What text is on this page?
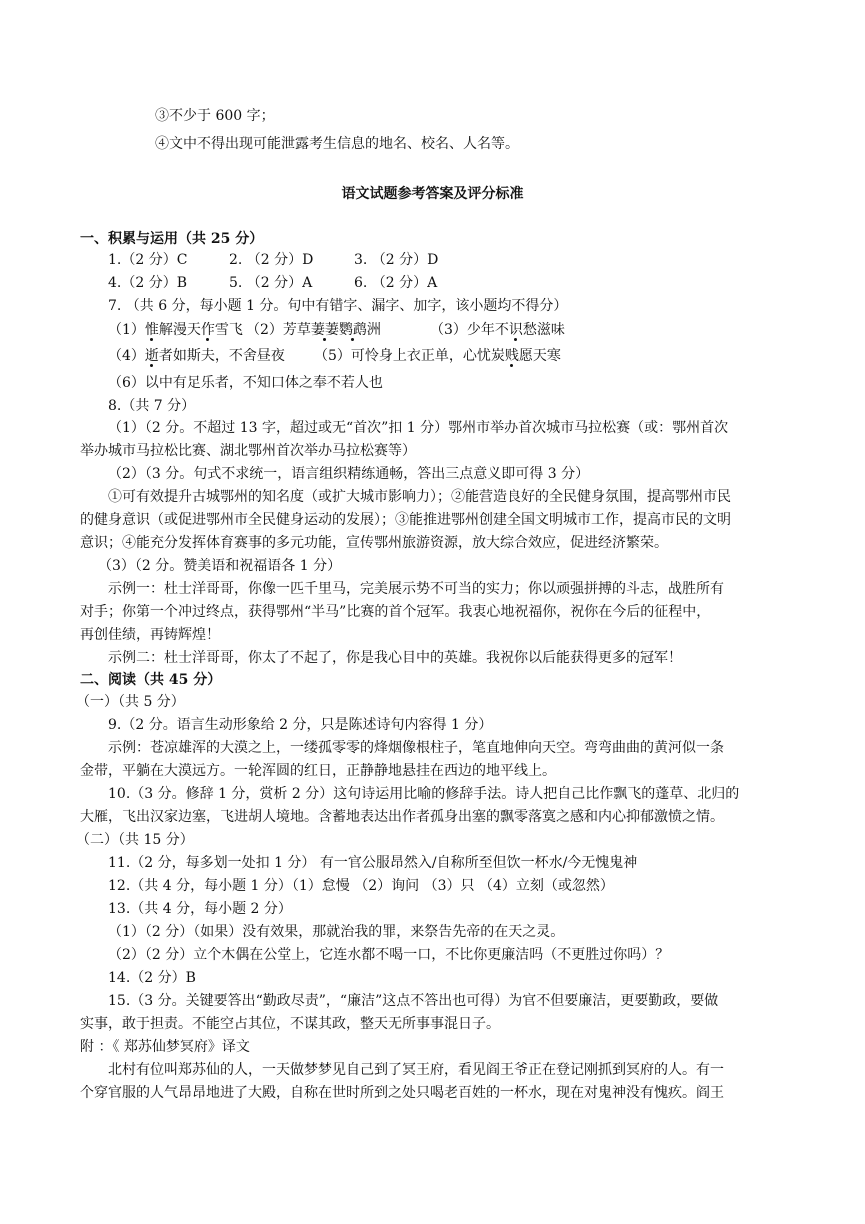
③不少于 600 字；
④文中不得出现可能泄露考生信息的地名、校名、人名等。
语文试题参考答案及评分标准
一、积累与运用（共 25 分）
1.（2 分）C	2. （2 分）D	3. （2 分）D
4.（2 分）B	5. （2 分）A	6. （2 分）A
7. （共 6 分，每小题 1 分。句中有错字、漏字、加字，该小题均不得分）
（1）惟解漫天作雪飞 （2）芳草萋萋鹦鹉洲	（3）少年不识愁滋味
（4）逝者如斯夫，不舍昼夜 （5）可怜身上衣正单，心忧炭贱愿天寒
（6）以中有足乐者，不知口体之奉不若人也
8.（共 7 分）
（1）（2 分。不超过 13 字，超过或无“首次”扣 1 分）鄂州市举办首次城市马拉松赛（或：鄂州首次
举办城市马拉松比赛、湖北鄂州首次举办马拉松赛等）
（2）（3 分。句式不求统一，语言组织精练通畅，答出三点意义即可得 3 分）
①可有效提升古城鄂州的知名度（或扩大城市影响力）；②能营造良好的全民健身氛围，提高鄂州市民
的健身意识（或促进鄂州市全民健身运动的发展）；③能推进鄂州创建全国文明城市工作，提高市民的文明
意识；④能充分发挥体育赛事的多元功能，宣传鄂州旅游资源，放大综合效应，促进经济繁荣。
（3）（2 分。赞美语和祝福语各 1 分）
示例一：杜士洋哥哥，你像一匹千里马，完美展示势不可当的实力；你以顽强拼搏的斗志，战胜所有
对手；你第一个冲过终点，获得鄂州“半马”比赛的首个冠军。我衷心地祝福你，祝你在今后的征程中，
再创佳绩，再铸辉煌！
示例二：杜士洋哥哥，你太了不起了，你是我心目中的英雄。我祝你以后能获得更多的冠军！
二、阅读（共 45 分）
（一）（共 5 分）
9.（2 分。语言生动形象给 2 分，只是陈述诗句内容得 1 分）
示例：苍凉雄浑的大漠之上，一缕孤零零的烽烟像根柱子，笔直地伸向天空。弯弯曲曲的黄河似一条
金带，平躺在大漠远方。一轮浑圆的红日，正静静地悬挂在西边的地平线上。
10.（3 分。修辞 1 分，赏析 2 分）这句诗运用比喻的修辞手法。诗人把自己比作飘飞的蓬草、北归的
大雁，飞出汉家边塞，飞进胡人境地。含蓄地表达出作者孤身出塞的飘零落寞之感和内心抑郁激愤之情。
（二）（共 15 分）
11.（2 分，每多划一处扣 1 分） 有一官公服昂然入/自称所至但饮一杯水/今无愧鬼神
12.（共 4 分，每小题 1 分）（1）怠慢 （2）询问 （3）只 （4）立刻（或忽然）
13.（共 4 分，每小题 2 分）
（1）（2 分）（如果）没有效果，那就治我的罪，来祭告先帝的在天之灵。
（2）（2 分）立个木偶在公堂上，它连水都不喝一口，不比你更廉洁吗（不更胜过你吗）？
14.（2 分）B
15.（3 分。关键要答出“勤政尽责”，“廉洁”这点不答出也可得）为官不但要廉洁，更要勤政，要做
实事，敢于担责。不能空占其位，不谋其政，整天无所事事混日子。
附 ：《 郑苏仙梦冥府》译文
北村有位叫郑苏仙的人，一天做梦梦见自己到了冥王府，看见阎王爷正在登记刚抓到冥府的人。有一
个穿官服的人气昂昂地进了大殿，自称在世时所到之处只喝老百姓的一杯水，现在对鬼神没有愧疚。阎王
